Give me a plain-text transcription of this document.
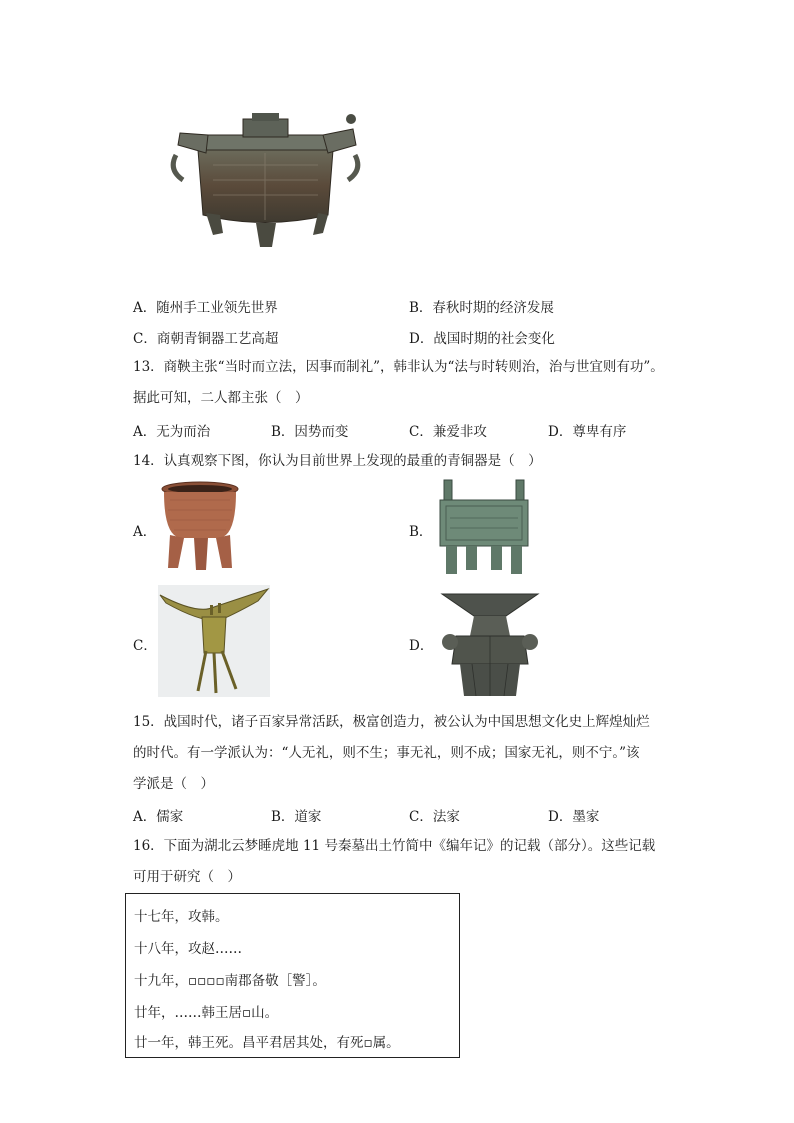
A．随州手工业领先世界	B．春秋时期的经济发展
C．商朝青铜器工艺高超	D．战国时期的社会变化
13．商鞅主张“当时而立法，因事而制礼”，韩非认为“法与时转则治，治与世宜则有功”。
据此可知，二人都主张（　）
A．无为而治	B．因势而变	C．兼爱非攻	D．尊卑有序
14．认真观察下图，你认为目前世界上发现的最重的青铜器是（　）
A．	B．
C．	D．
15．战国时代，诸子百家异常活跃，极富创造力，被公认为中国思想文化史上辉煌灿烂
的时代。有一学派认为：“人无礼，则不生；事无礼，则不成；国家无礼，则不宁。”该
学派是（　）
A．儒家	B．道家	C．法家	D．墨家
16．下面为湖北云梦睡虎地 11 号秦墓出土竹简中《编年记》的记载（部分）。这些记载
可用于研究（　）
十七年，攻韩。
十八年，攻赵……
十九年，▫▫▫▫南郡备敬［警］。
廿年，……韩王居▫山。
廿一年，韩王死。昌平君居其处，有死▫属。
